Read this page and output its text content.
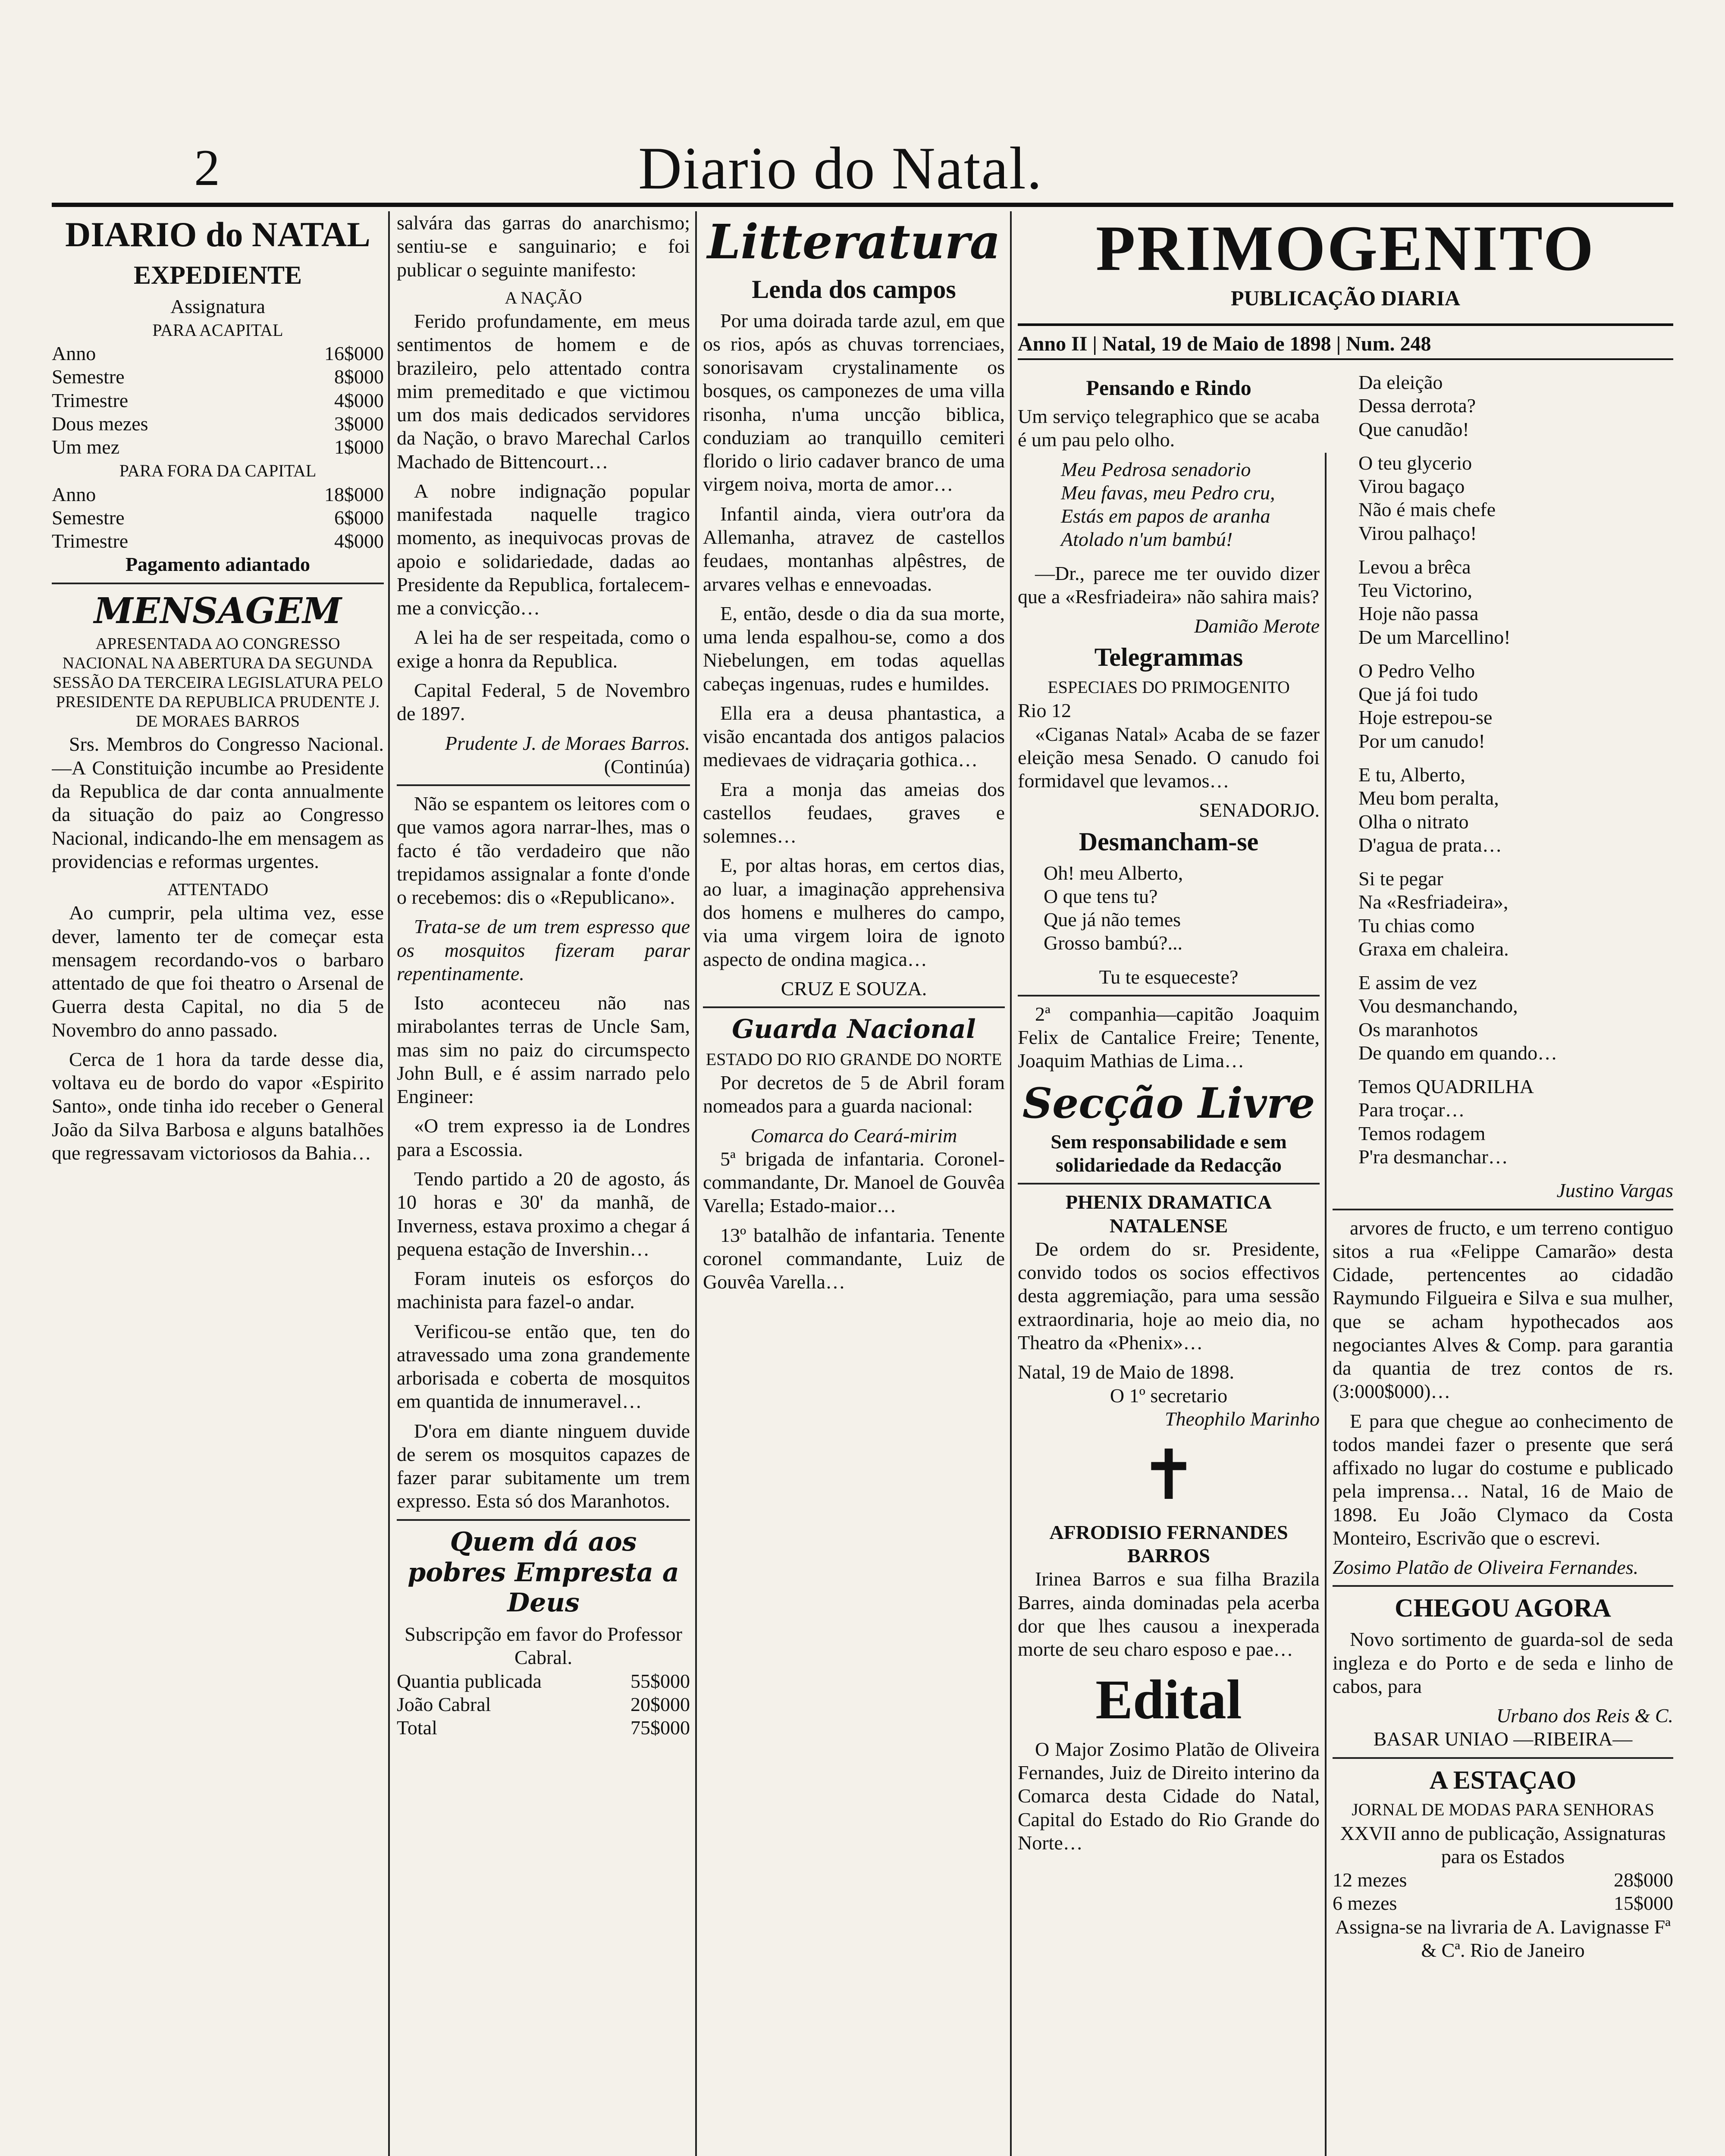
2	Diario do Natal.
DIARIO do NATAL
EXPEDIENTE
Assignatura
PARA ACAPITAL
Anno	16$000
Semestre	8$000
Trimestre	4$000
Dous mezes	3$000
Um mez	1$000
PARA FORA DA CAPITAL
Anno	18$000
Semestre	6$000
Trimestre	4$000
Pagamento adiantado
MENSAGEM
APRESENTADA AO CONGRESSO NACIONAL NA ABERTURA DA SEGUNDA SESSÃO DA TERCEIRA LEGISLATURA PELO PRESIDENTE DA REPUBLICA PRUDENTE J. DE MORAES BARROS

Srs. Membros do Congresso Nacional.—A Constituição incumbe ao Presidente da Republica de dar conta annualmente da situação do paiz ao Congresso Nacional, indicando-lhe em mensagem as providencias e reformas urgentes.

ATTENTADO

Ao cumprir, pela ultima vez, esse dever, lamento ter de começar esta mensagem recordando-vos o barbaro attentado de que foi theatro o Arsenal de Guerra desta Capital, no dia 5 de Novembro do anno passado.

Cerca de 1 hora da tarde desse dia, voltava eu de bordo do vapor «Espirito Santo», onde tinha ido receber o General João da Silva Barbosa e alguns batalhões que regressavam victoriosos da Bahia…

salvára das garras do anarchismo; sentiu-se e sanguinario; e foi publicar o seguinte manifesto:

A NAÇÃO

Ferido profundamente, em meus sentimentos de homem e de brazileiro, pelo attentado contra mim premeditado e que victimou um dos mais dedicados servidores da Nação, o bravo Marechal Carlos Machado de Bittencourt…

A nobre indignação popular manifestada naquelle tragico momento, as inequivocas provas de apoio e solidariedade, dadas ao Presidente da Republica, fortalecem-me a convicção…

A lei ha de ser respeitada, como o exige a honra da Republica.

Capital Federal, 5 de Novembro de 1897.

Prudente J. de Moraes Barros.
(Continúa)

Não se espantem os leitores com o que vamos agora narrar-lhes, mas o facto é tão verdadeiro que não trepidamos assignalar a fonte d'onde o recebemos: dis o «Republicano».

Trata-se de um trem espresso que os mosquitos fizeram parar repentinamente.

Isto aconteceu não nas mirabolantes terras de Uncle Sam, mas sim no paiz do circumspecto John Bull, e é assim narrado pelo Engineer:

«O trem expresso ia de Londres para a Escossia.

Tendo partido a 20 de agosto, ás 10 horas e 30' da manhã, de Inverness, estava proximo a chegar á pequena estação de Invershin…

Foram inuteis os esforços do machinista para fazel-o andar.

Verificou-se então que, ten do atravessado uma zona grandemente arborisada e coberta de mosquitos em quantida de innumeravel…

D'ora em diante ninguem duvide de serem os mosquitos capazes de fazer parar subitamente um trem expresso. Esta só dos Maranhotos.

Quem dá aos pobres Empresta a Deus
Subscripção em favor do Professor Cabral.
Quantia publicada	55$000
João Cabral	20$000
Total	75$000
Litteratura
Lenda dos campos

Por uma doirada tarde azul, em que os rios, após as chuvas torrenciaes, sonorisavam crystalinamente os bosques, os camponezes de uma villa risonha, n'uma uncção biblica, conduziam ao tranquillo cemiteri florido o lirio cadaver branco de uma virgem noiva, morta de amor…

Infantil ainda, viera outr'ora da Allemanha, atravez de castellos feudaes, montanhas alpêstres, de arvares velhas e ennevoadas.

E, então, desde o dia da sua morte, uma lenda espalhou-se, como a dos Niebelungen, em todas aquellas cabeças ingenuas, rudes e humildes.

Ella era a deusa phantastica, a visão encantada dos antigos palacios medievaes de vidraçaria gothica…

Era a monja das ameias dos castellos feudaes, graves e solemnes…

E, por altas horas, em certos dias, ao luar, a imaginação apprehensiva dos homens e mulheres do campo, via uma virgem loira de ignoto aspecto de ondina magica…

CRUZ E SOUZA.
Guarda Nacional
ESTADO DO RIO GRANDE DO NORTE

Por decretos de 5 de Abril foram nomeados para a guarda nacional:

Comarca do Ceará-mirim

5ª brigada de infantaria. Coronel-commandante, Dr. Manoel de Gouvêa Varella; Estado-maior…

13º batalhão de infantaria. Tenente coronel commandante, Luiz de Gouvêa Varella…

PRIMOGENITO
PUBLICAÇÃO DIARIA
Anno II | Natal, 19 de Maio de 1898 | Num. 248
Pensando e Rindo

Um serviço telegraphico que se acaba é um pau pelo olho.

Meu Pedrosa senadorio
Meu favas, meu Pedro cru,
Estás em papos de aranha
Atolado n'um bambú!

—Dr., parece me ter ouvido dizer que a «Resfriadeira» não sahira mais?

Damião Merote
Telegrammas
ESPECIAES DO PRIMOGENITO
Rio 12

«Ciganas Natal» Acaba de se fazer eleição mesa Senado. O canudo foi formidavel que levamos…

SENADORJO.
Desmancham-se
Oh! meu Alberto,
O que tens tu?
Que já não temes
Grosso bambú?...
Tu te esqueceste?

2ª companhia—capitão Joaquim Felix de Cantalice Freire; Tenente, Joaquim Mathias de Lima…

Secção Livre
Sem responsabilidade e sem solidariedade da Redacção
PHENIX DRAMATICA NATALENSE

De ordem do sr. Presidente, convido todos os socios effectivos desta aggremiação, para uma sessão extraordinaria, hoje ao meio dia, no Theatro da «Phenix»…

Natal, 19 de Maio de 1898.
O 1º secretario
Theophilo Marinho
✝
AFRODISIO FERNANDES BARROS

Irinea Barros e sua filha Brazila Barres, ainda dominadas pela acerba dor que lhes causou a inexperada morte de seu charo esposo e pae…

Edital

O Major Zosimo Platão de Oliveira Fernandes, Juiz de Direito interino da Comarca desta Cidade do Natal, Capital do Estado do Rio Grande do Norte…

Da eleição
Dessa derrota?
Que canudão!
O teu glycerio
Virou bagaço
Não é mais chefe
Virou palhaço!
Levou a brêca
Teu Victorino,
Hoje não passa
De um Marcellino!
O Pedro Velho
Que já foi tudo
Hoje estrepou-se
Por um canudo!
E tu, Alberto,
Meu bom peralta,
Olha o nitrato
D'agua de prata…
Si te pegar
Na «Resfriadeira»,
Tu chias como
Graxa em chaleira.
E assim de vez
Vou desmanchando,
Os maranhotos
De quando em quando…
Temos QUADRILHA
Para troçar…
Temos rodagem
P'ra desmanchar…
Justino Vargas

arvores de fructo, e um terreno contiguo sitos a rua «Felippe Camarão» desta Cidade, pertencentes ao cidadão Raymundo Filgueira e Silva e sua mulher, que se acham hypothecados aos negociantes Alves & Comp. para garantia da quantia de trez contos de rs. (3:000$000)…

E para que chegue ao conhecimento de todos mandei fazer o presente que será affixado no lugar do costume e publicado pela imprensa… Natal, 16 de Maio de 1898. Eu João Clymaco da Costa Monteiro, Escrivão que o escrevi.

Zosimo Platão de Oliveira Fernandes.
CHEGOU AGORA

Novo sortimento de guarda-sol de seda ingleza e do Porto e de seda e linho de cabos, para

Urbano dos Reis & C.
BASAR UNIAO —RIBEIRA—
A ESTAÇAO
JORNAL DE MODAS PARA SENHORAS
XXVII anno de publicação, Assignaturas para os Estados
12 mezes	28$000
6 mezes	15$000
Assigna-se na livraria de A. Lavignasse Fª & Cª. Rio de Janeiro
